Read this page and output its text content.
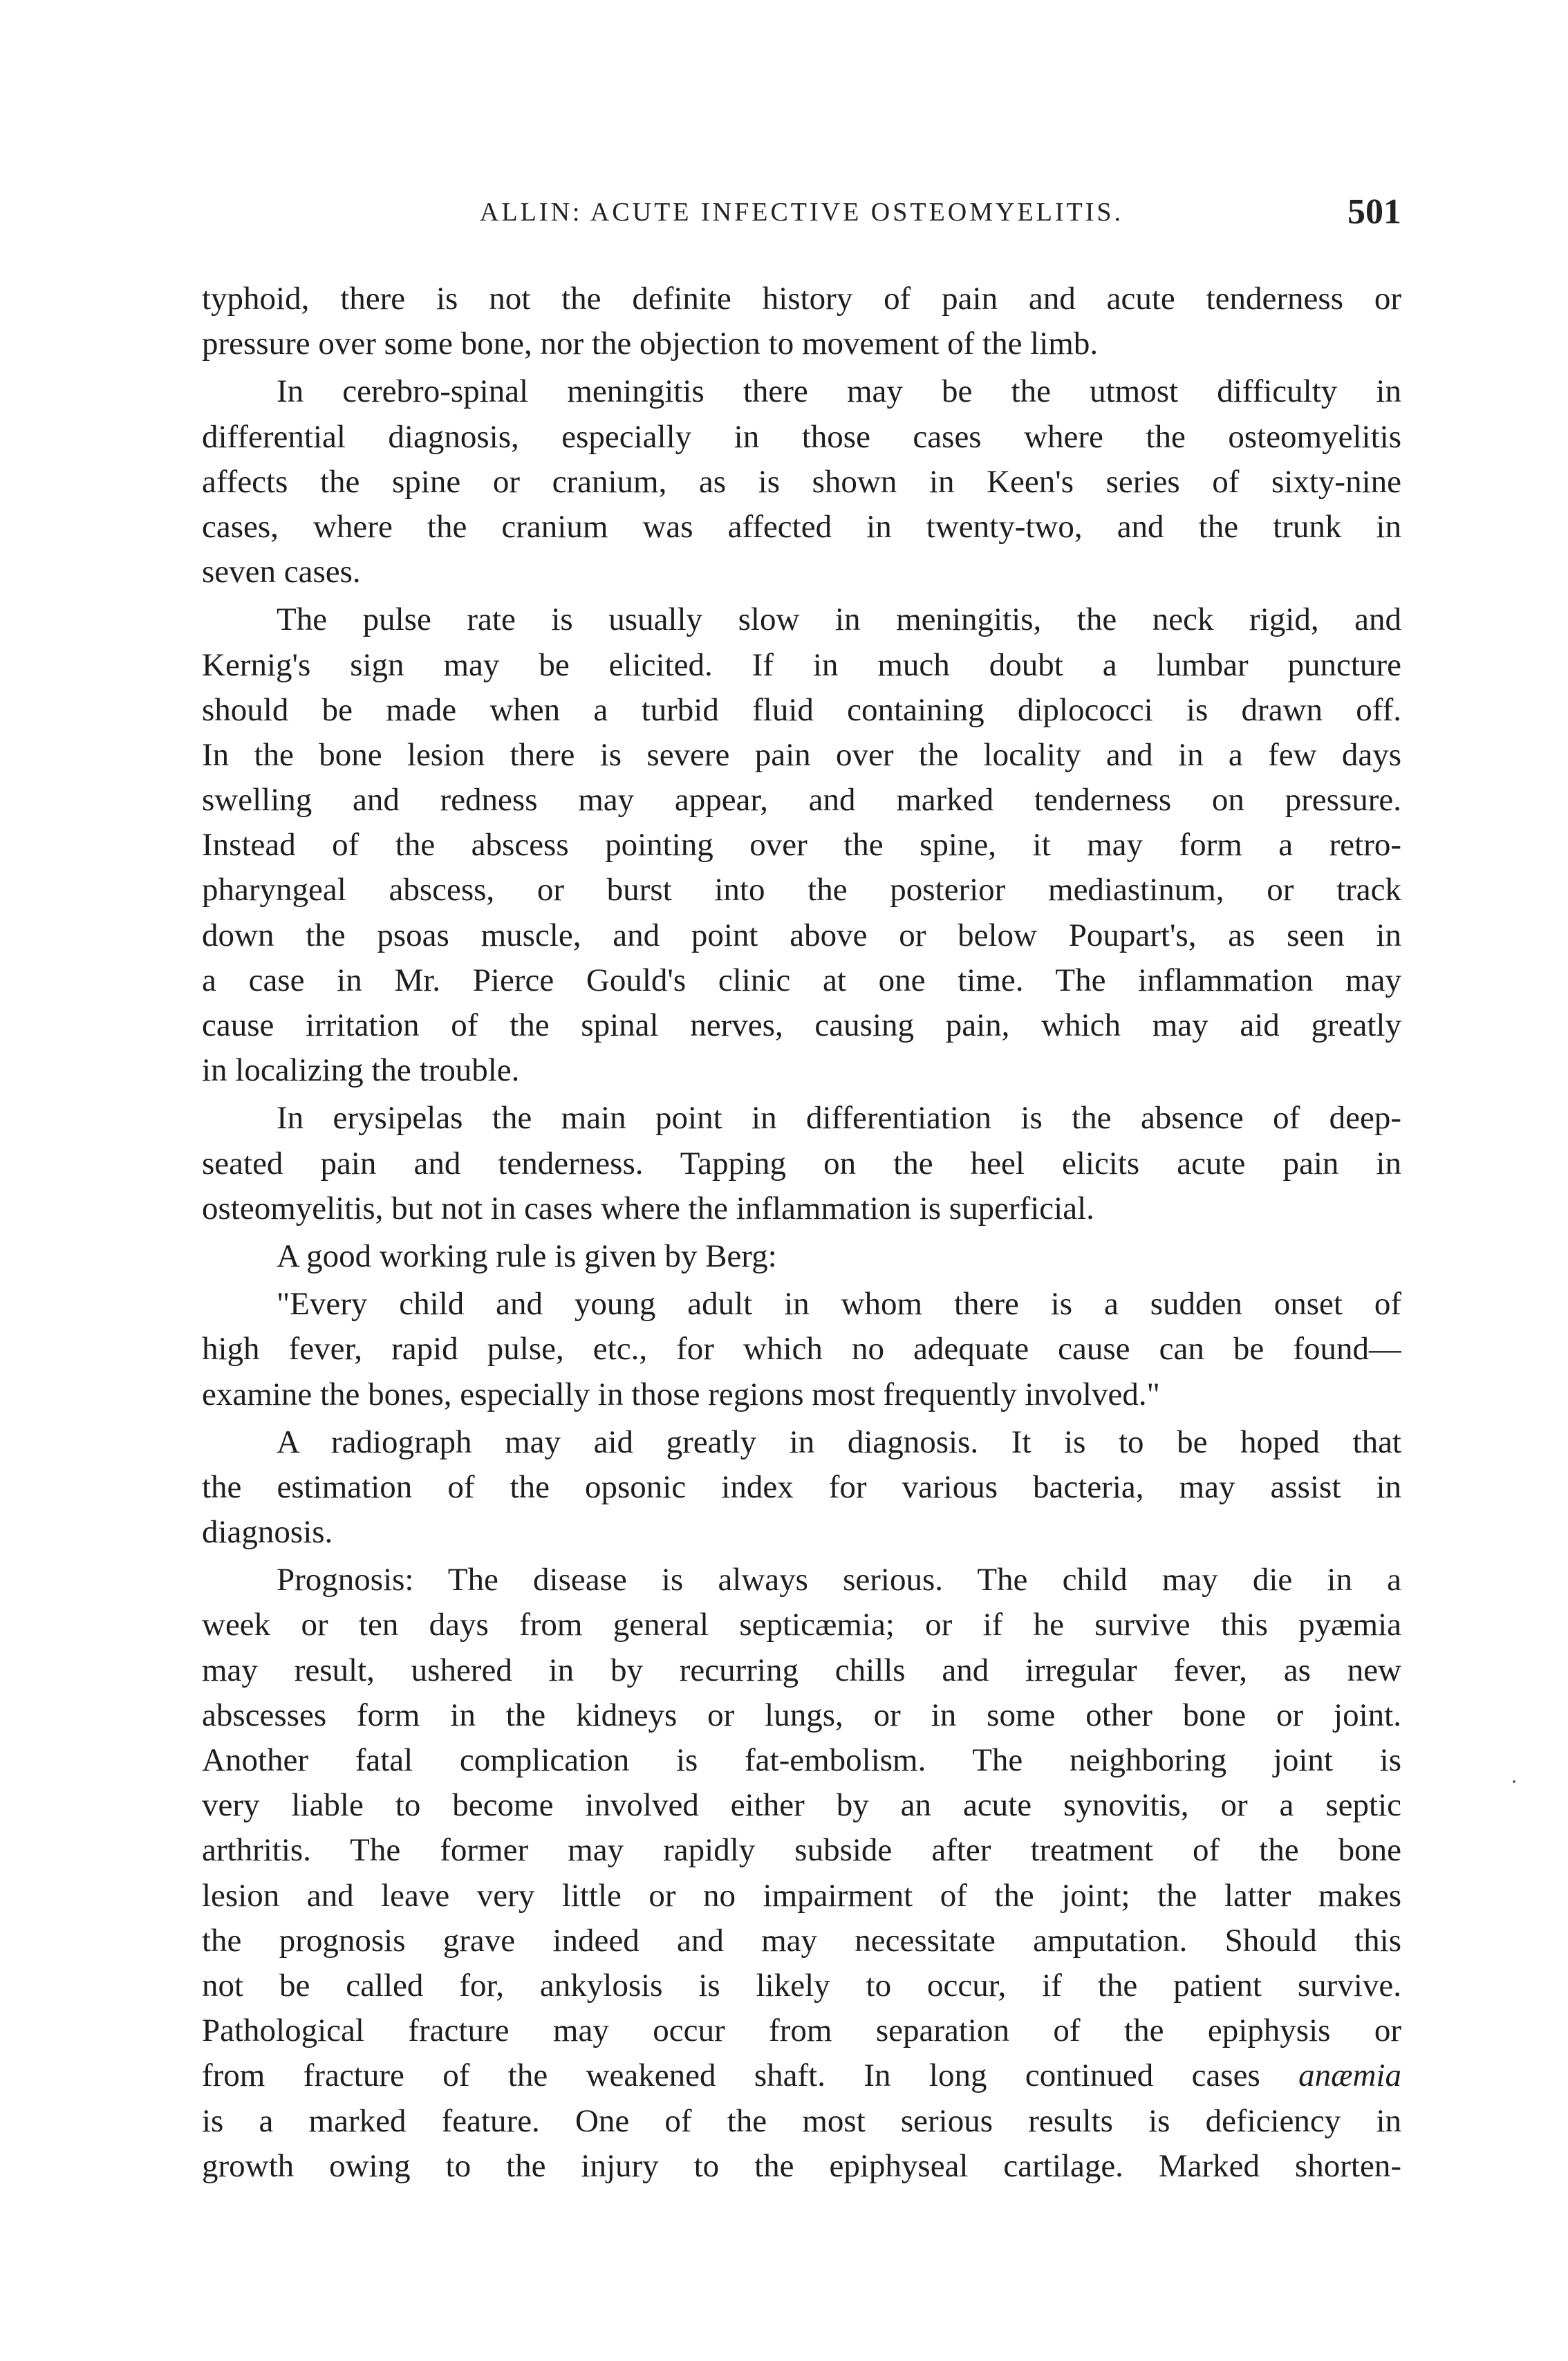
ALLIN: ACUTE INFECTIVE OSTEOMYELITIS.	501
typhoid, there is not the definite history of pain and acute tenderness or
pressure over some bone, nor the objection to movement of the limb.
In cerebro-spinal meningitis there may be the utmost difficulty in
differential diagnosis, especially in those cases where the osteomyelitis
affects the spine or cranium, as is shown in Keen's series of sixty-nine
cases, where the cranium was affected in twenty-two, and the trunk in
seven cases.
The pulse rate is usually slow in meningitis, the neck rigid, and
Kernig's sign may be elicited. If in much doubt a lumbar puncture
should be made when a turbid fluid containing diplococci is drawn off.
In the bone lesion there is severe pain over the locality and in a few days
swelling and redness may appear, and marked tenderness on pressure.
Instead of the abscess pointing over the spine, it may form a retro-
pharyngeal abscess, or burst into the posterior mediastinum, or track
down the psoas muscle, and point above or below Poupart's, as seen in
a case in Mr. Pierce Gould's clinic at one time. The inflammation may
cause irritation of the spinal nerves, causing pain, which may aid greatly
in localizing the trouble.
In erysipelas the main point in differentiation is the absence of deep-
seated pain and tenderness. Tapping on the heel elicits acute pain in
osteomyelitis, but not in cases where the inflammation is superficial.
A good working rule is given by Berg:
"Every child and young adult in whom there is a sudden onset of
high fever, rapid pulse, etc., for which no adequate cause can be found—
examine the bones, especially in those regions most frequently involved."
A radiograph may aid greatly in diagnosis. It is to be hoped that
the estimation of the opsonic index for various bacteria, may assist in
diagnosis.
Prognosis: The disease is always serious. The child may die in a
week or ten days from general septicæmia; or if he survive this pyæmia
may result, ushered in by recurring chills and irregular fever, as new
abscesses form in the kidneys or lungs, or in some other bone or joint.
Another fatal complication is fat-embolism. The neighboring joint is
very liable to become involved either by an acute synovitis, or a septic
arthritis. The former may rapidly subside after treatment of the bone
lesion and leave very little or no impairment of the joint; the latter makes
the prognosis grave indeed and may necessitate amputation. Should this
not be called for, ankylosis is likely to occur, if the patient survive.
Pathological fracture may occur from separation of the epiphysis or
from fracture of the weakened shaft. In long continued cases anæmia
is a marked feature. One of the most serious results is deficiency in
growth owing to the injury to the epiphyseal cartilage. Marked shorten-
